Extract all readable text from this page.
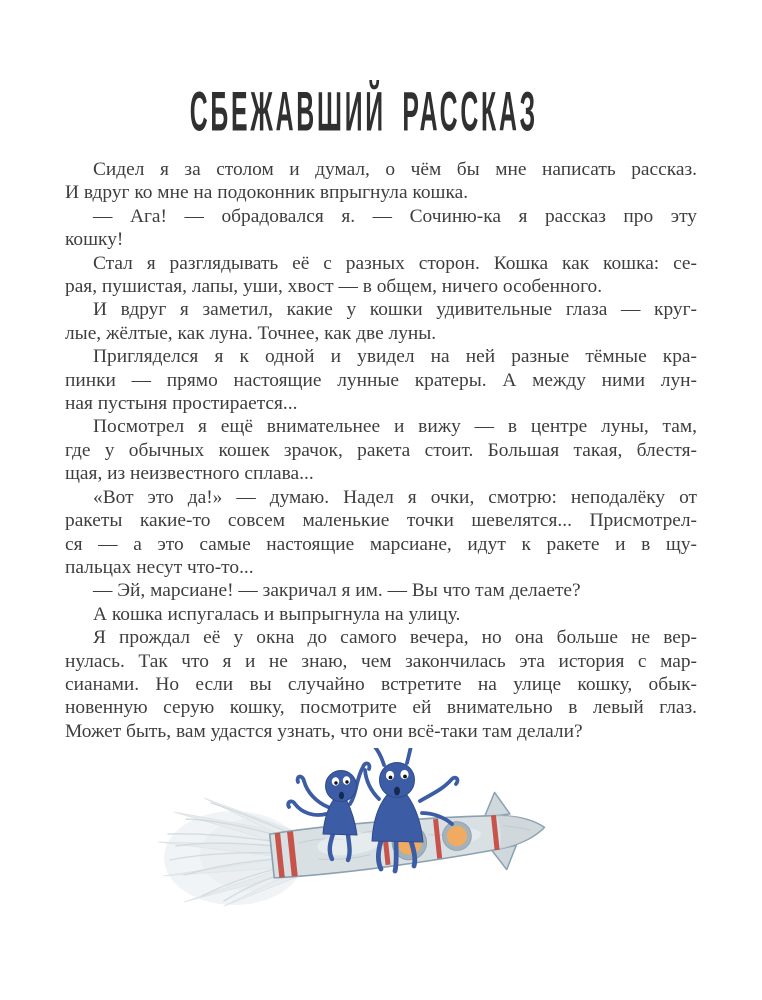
СБЕЖАВШИЙ РАССКАЗ
Сидел я за столом и думал, о чём бы мне написать рассказ.
И вдруг ко мне на подоконник впрыгнула кошка.
— Ага! — обрадовался я. — Сочиню-ка я рассказ про эту
кошку!
Стал я разглядывать её с разных сторон. Кошка как кошка: се-
рая, пушистая, лапы, уши, хвост — в общем, ничего особенного.
И вдруг я заметил, какие у кошки удивительные глаза — круг-
лые, жёлтые, как луна. Точнее, как две луны.
Пригляделся я к одной и увидел на ней разные тёмные кра-
пинки — прямо настоящие лунные кратеры. А между ними лун-
ная пустыня простирается...
Посмотрел я ещё внимательнее и вижу — в центре луны, там,
где у обычных кошек зрачок, ракета стоит. Большая такая, блестя-
щая, из неизвестного сплава...
«Вот это да!» — думаю. Надел я очки, смотрю: неподалёку от
ракеты какие-то совсем маленькие точки шевелятся... Присмотрел-
ся — а это самые настоящие марсиане, идут к ракете и в щу-
пальцах несут что-то...
— Эй, марсиане! — закричал я им. — Вы что там делаете?
А кошка испугалась и выпрыгнула на улицу.
Я прождал её у окна до самого вечера, но она больше не вер-
нулась. Так что я и не знаю, чем закончилась эта история с мар-
сианами. Но если вы случайно встретите на улице кошку, обык-
новенную серую кошку, посмотрите ей внимательно в левый глаз.
Может быть, вам удастся узнать, что они всё-таки там делали?
